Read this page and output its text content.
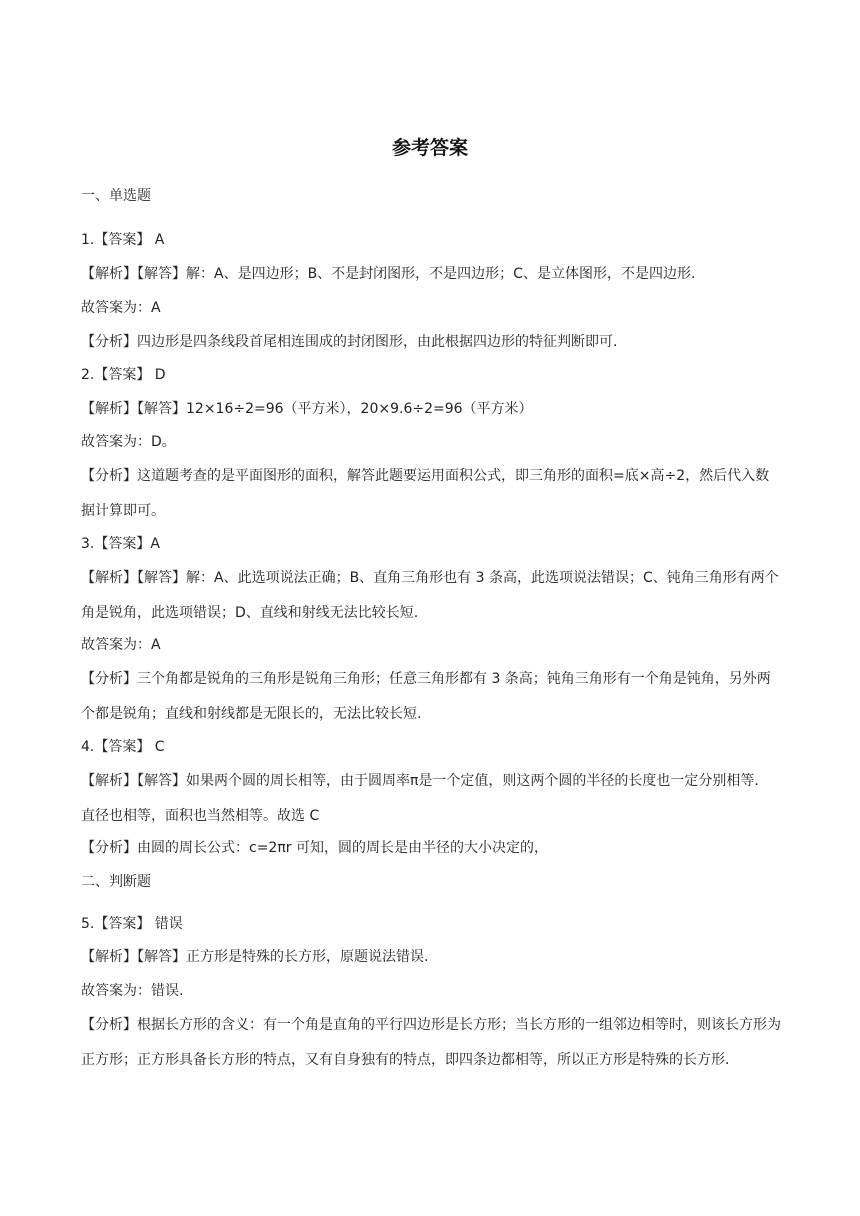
参考答案
一、单选题
1.【答案】 A
【解析】【解答】解：A、是四边形；B、不是封闭图形，不是四边形；C、是立体图形，不是四边形.
故答案为：A
【分析】四边形是四条线段首尾相连围成的封闭图形，由此根据四边形的特征判断即可.
2.【答案】 D
【解析】【解答】12×16÷2=96（平方米），20×9.6÷2=96（平方米）
故答案为：D。
【分析】这道题考查的是平面图形的面积，解答此题要运用面积公式，即三角形的面积=底×高÷2，然后代入数据计算即可。
3.【答案】A
【解析】【解答】解：A、此选项说法正确；B、直角三角形也有 3 条高，此选项说法错误；C、钝角三角形有两个角是锐角，此选项错误；D、直线和射线无法比较长短.
故答案为：A
【分析】三个角都是锐角的三角形是锐角三角形；任意三角形都有 3 条高；钝角三角形有一个角是钝角，另外两个都是锐角；直线和射线都是无限长的，无法比较长短.
4.【答案】 C
【解析】【解答】如果两个圆的周长相等，由于圆周率π是一个定值，则这两个圆的半径的长度也一定分别相等．直径也相等，面积也当然相等。故选 C
【分析】由圆的周长公式：c=2πr 可知，圆的周长是由半径的大小决定的，
二、判断题
5.【答案】 错误
【解析】【解答】正方形是特殊的长方形，原题说法错误.
故答案为：错误.
【分析】根据长方形的含义：有一个角是直角的平行四边形是长方形；当长方形的一组邻边相等时，则该长方形为正方形；正方形具备长方形的特点，又有自身独有的特点，即四条边都相等，所以正方形是特殊的长方形.
